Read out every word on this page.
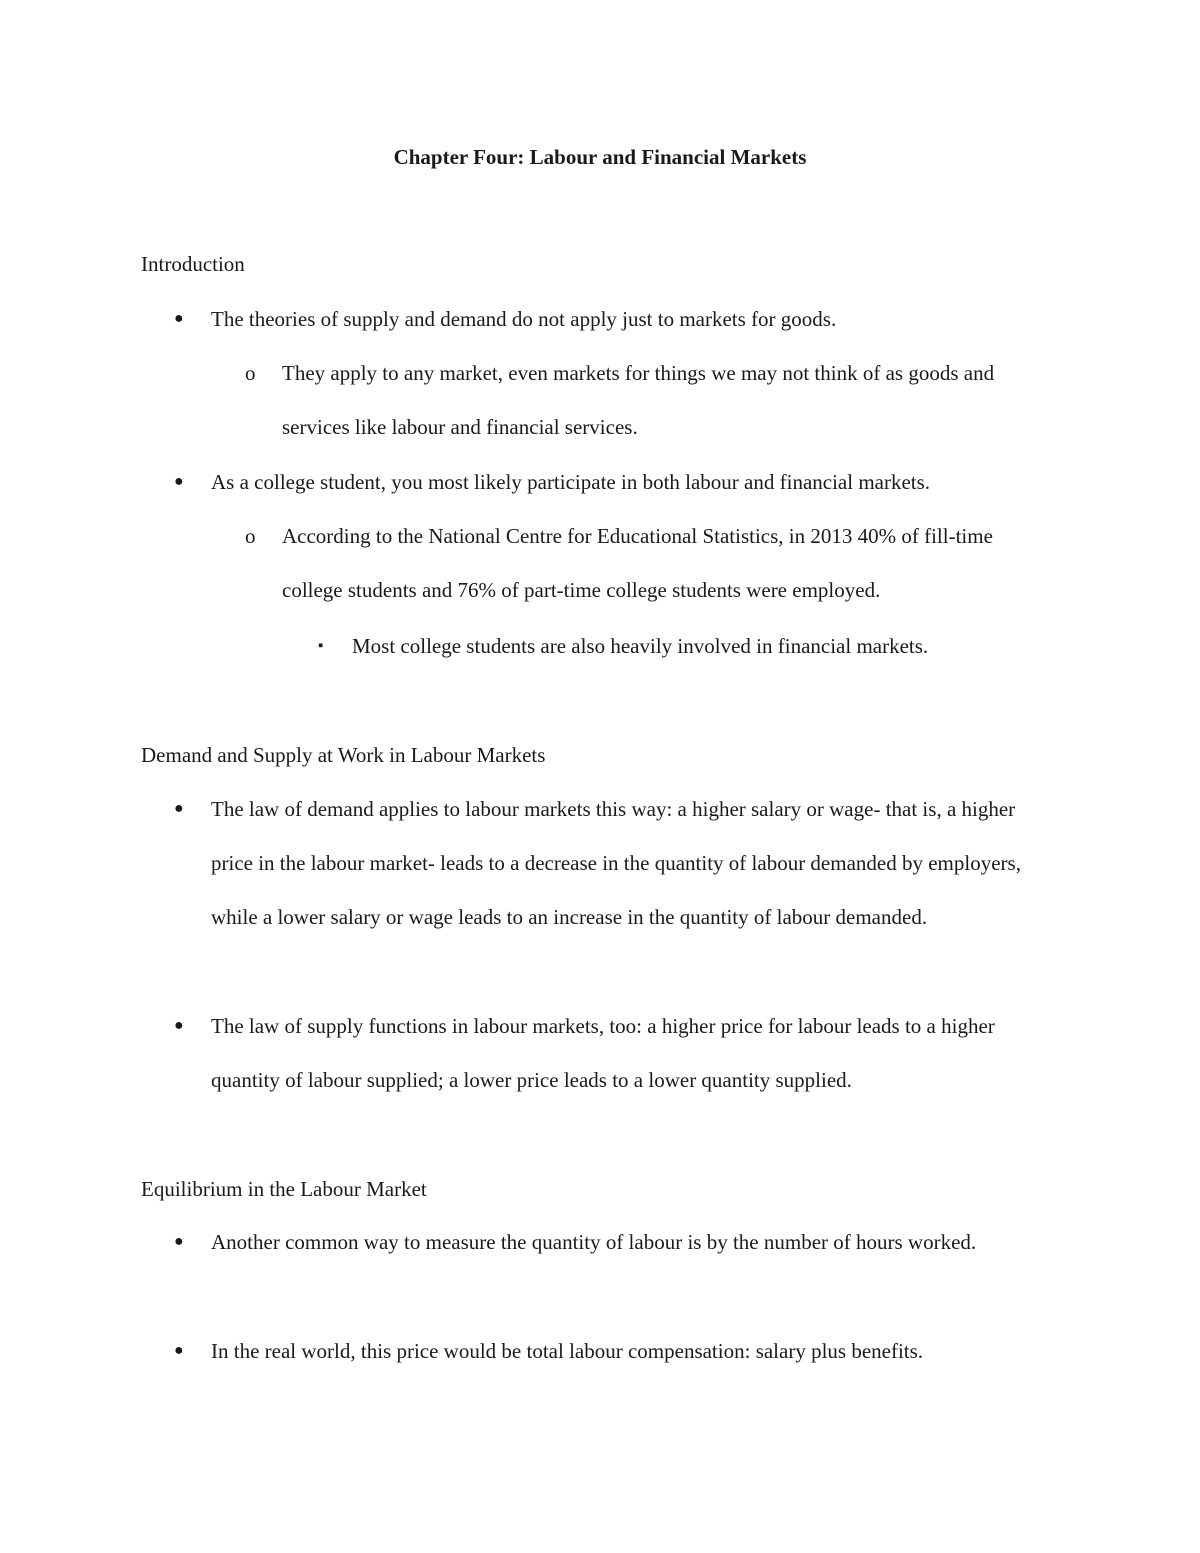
Chapter Four: Labour and Financial Markets
Introduction
● The theories of supply and demand do not apply just to markets for goods.
o They apply to any market, even markets for things we may not think of as goods and services like labour and financial services.
● As a college student, you most likely participate in both labour and financial markets.
o According to the National Centre for Educational Statistics, in 2013 40% of fill-time college students and 76% of part-time college students were employed.
▪ Most college students are also heavily involved in financial markets.
Demand and Supply at Work in Labour Markets
● The law of demand applies to labour markets this way: a higher salary or wage- that is, a higher price in the labour market- leads to a decrease in the quantity of labour demanded by employers, while a lower salary or wage leads to an increase in the quantity of labour demanded.
● The law of supply functions in labour markets, too: a higher price for labour leads to a higher quantity of labour supplied; a lower price leads to a lower quantity supplied.
Equilibrium in the Labour Market
● Another common way to measure the quantity of labour is by the number of hours worked.
● In the real world, this price would be total labour compensation: salary plus benefits.
